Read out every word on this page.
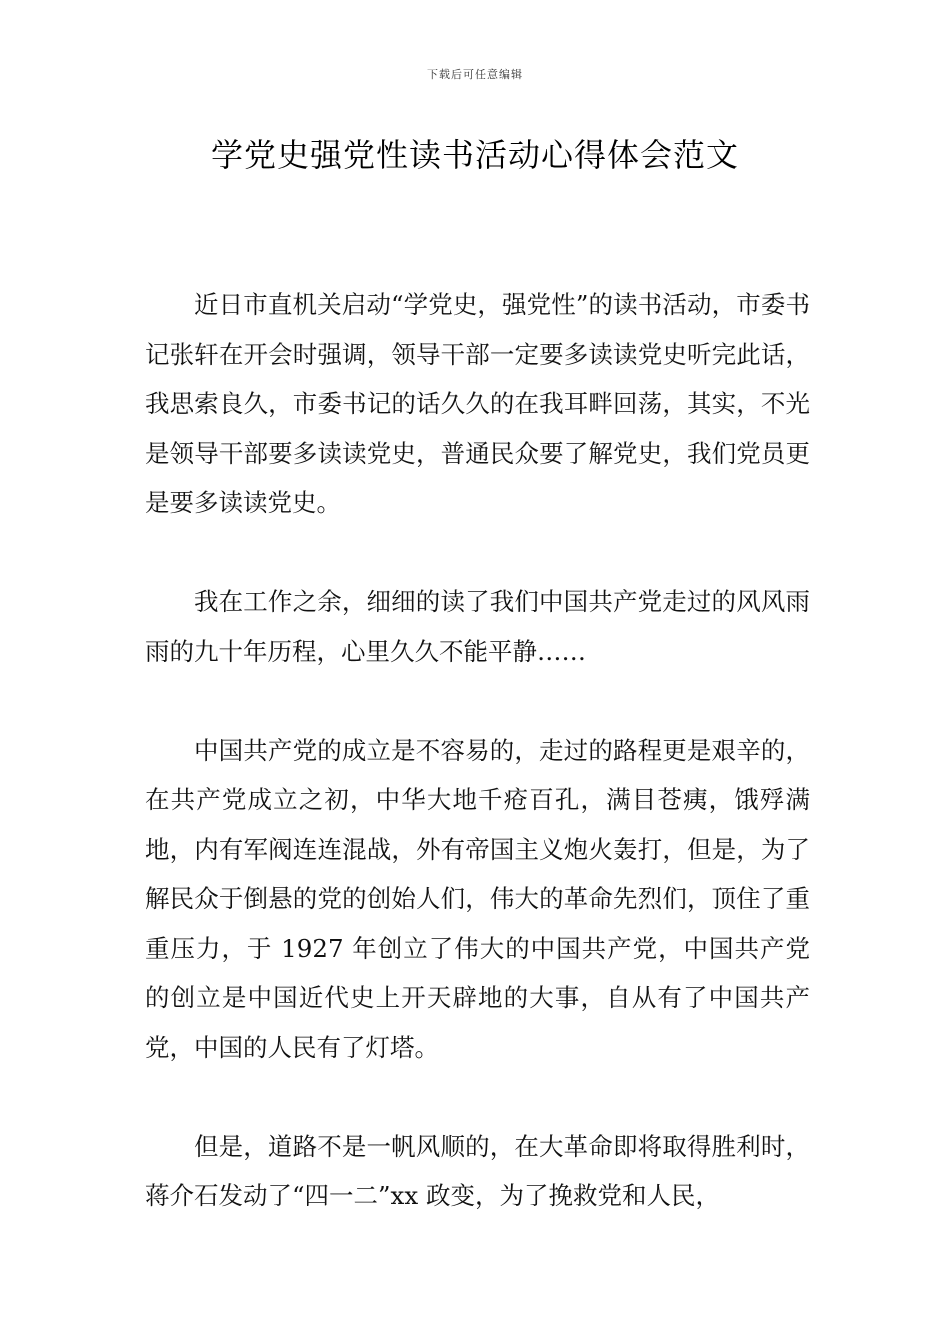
下载后可任意编辑
学党史强党性读书活动心得体会范文

近日市直机关启动“学党史，强党性”的读书活动，市委书记张轩在开会时强调，领导干部一定要多读读党史听完此话，我思索良久，市委书记的话久久的在我耳畔回荡，其实，不光是领导干部要多读读党史，普通民众要了解党史，我们党员更是要多读读党史。

我在工作之余，细细的读了我们中国共产党走过的风风雨雨的九十年历程，心里久久不能平静……

中国共产党的成立是不容易的，走过的路程更是艰辛的，在共产党成立之初，中华大地千疮百孔，满目苍痍，饿殍满地，内有军阀连连混战，外有帝国主义炮火轰打，但是，为了解民众于倒悬的党的创始人们，伟大的革命先烈们，顶住了重重压力，于 1927 年创立了伟大的中国共产党，中国共产党的创立是中国近代史上开天辟地的大事，自从有了中国共产党，中国的人民有了灯塔。

但是，道路不是一帆风顺的，在大革命即将取得胜利时，蒋介石发动了“四一二”xx 政变，为了挽救党和人民，
